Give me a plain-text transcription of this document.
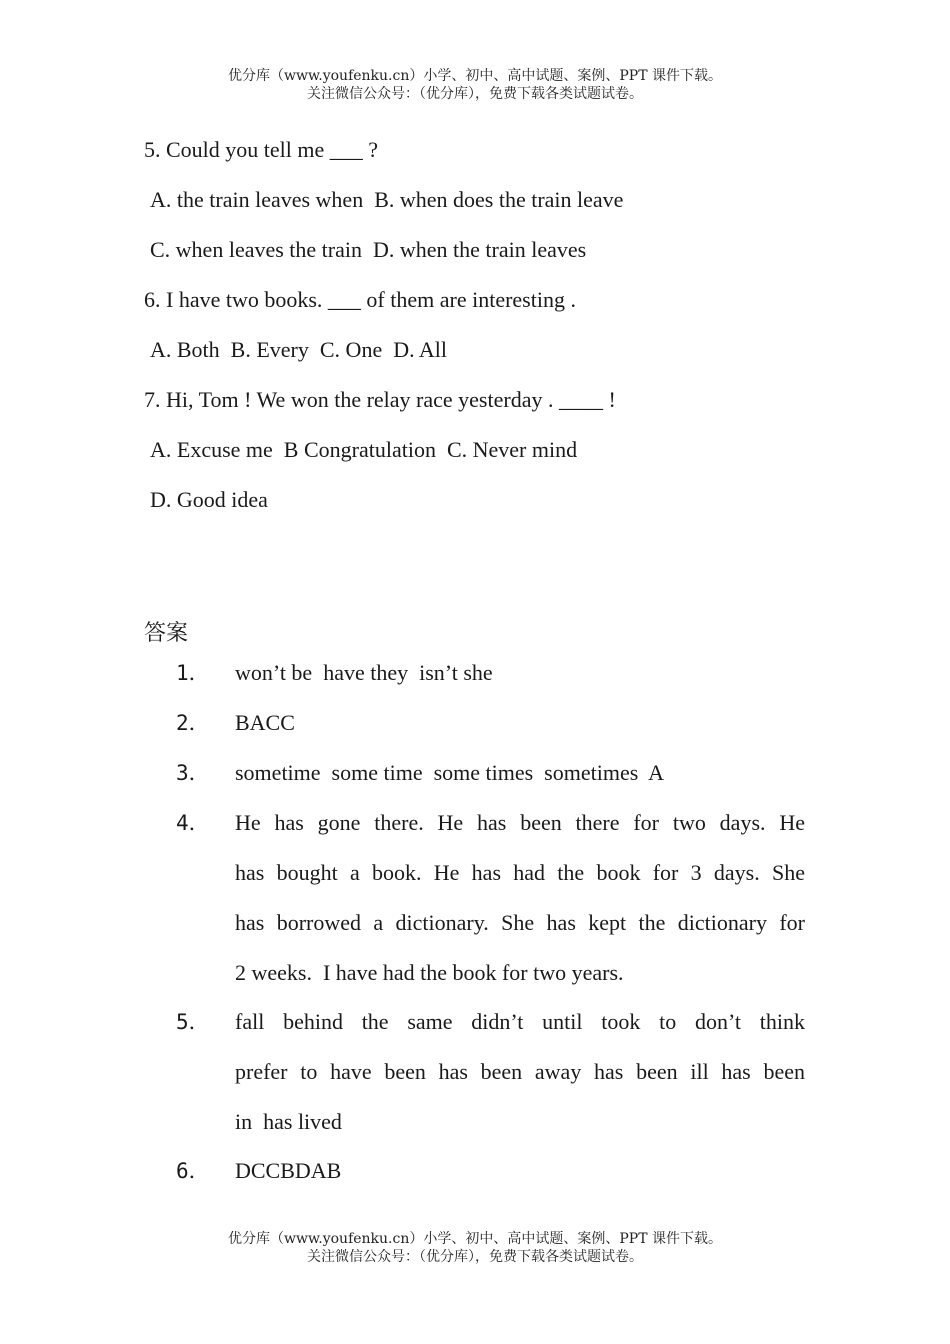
优分库（www.youfenku.cn）小学、初中、高中试题、案例、PPT 课件下载。
关注微信公众号：（优分库），免费下载各类试题试卷。
5. Could you tell me ___ ?
A. the train leaves when  B. when does the train leave
C. when leaves the train  D. when the train leaves
6. I have two books. ___ of them are interesting .
A. Both  B. Every  C. One  D. All
7. Hi, Tom ! We won the relay race yesterday . ____ !
A. Excuse me  B Congratulation  C. Never mind
D. Good idea
答案
1． won’t be  have they  isn’t she
2． BACC
3． sometime  some time  some times  sometimes  A
4． He has gone there. He has been there for two days. He
has bought a book. He has had the book for 3 days. She
has borrowed a dictionary. She has kept the dictionary for
2 weeks.  I have had the book for two years.
5． fall behind the same didn’t until took to don’t think
prefer to have been has been away has been ill has been
in  has lived
6． DCCBDAB
优分库（www.youfenku.cn）小学、初中、高中试题、案例、PPT 课件下载。
关注微信公众号：（优分库），免费下载各类试题试卷。
